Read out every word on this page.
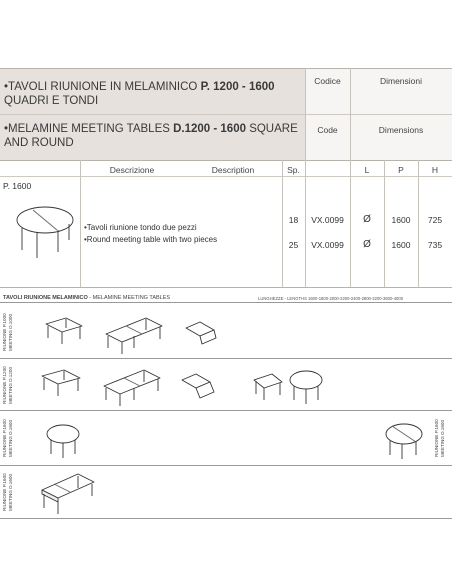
•TAVOLI RIUNIONE IN MELAMINICO P. 1200 - 1600 QUADRI E TONDI
•MELAMINE MEETING TABLES D.1200 - 1600 SQUARE AND ROUND
Codice	Dimensioni
Code	Dimensions
Descrizione	Description	Sp.	L	P	H
P. 1600
•Tavoli riunione tondo due pezzi
•Round meeting table with two pieces
18	VX.0099	Ø	1600	725
25	VX.0099	Ø	1600	735
TAVOLI RIUNIONE MELAMINICO - MELAMINE MEETING TABLES	LUNGHEZZE - LENGTHS 1600-1800-2000-2200-2400-2800-3200-3600-4000
RIUNIONE P.1000
MEETING D.1000
RIUNIONE P.1200
MEETING D.1200
RIUNIONE P.1600
MEETING D.1600
RIUNIONE P.1600
MEETING D.1600
RIUNIONE P.1600
MEETING D.1600
